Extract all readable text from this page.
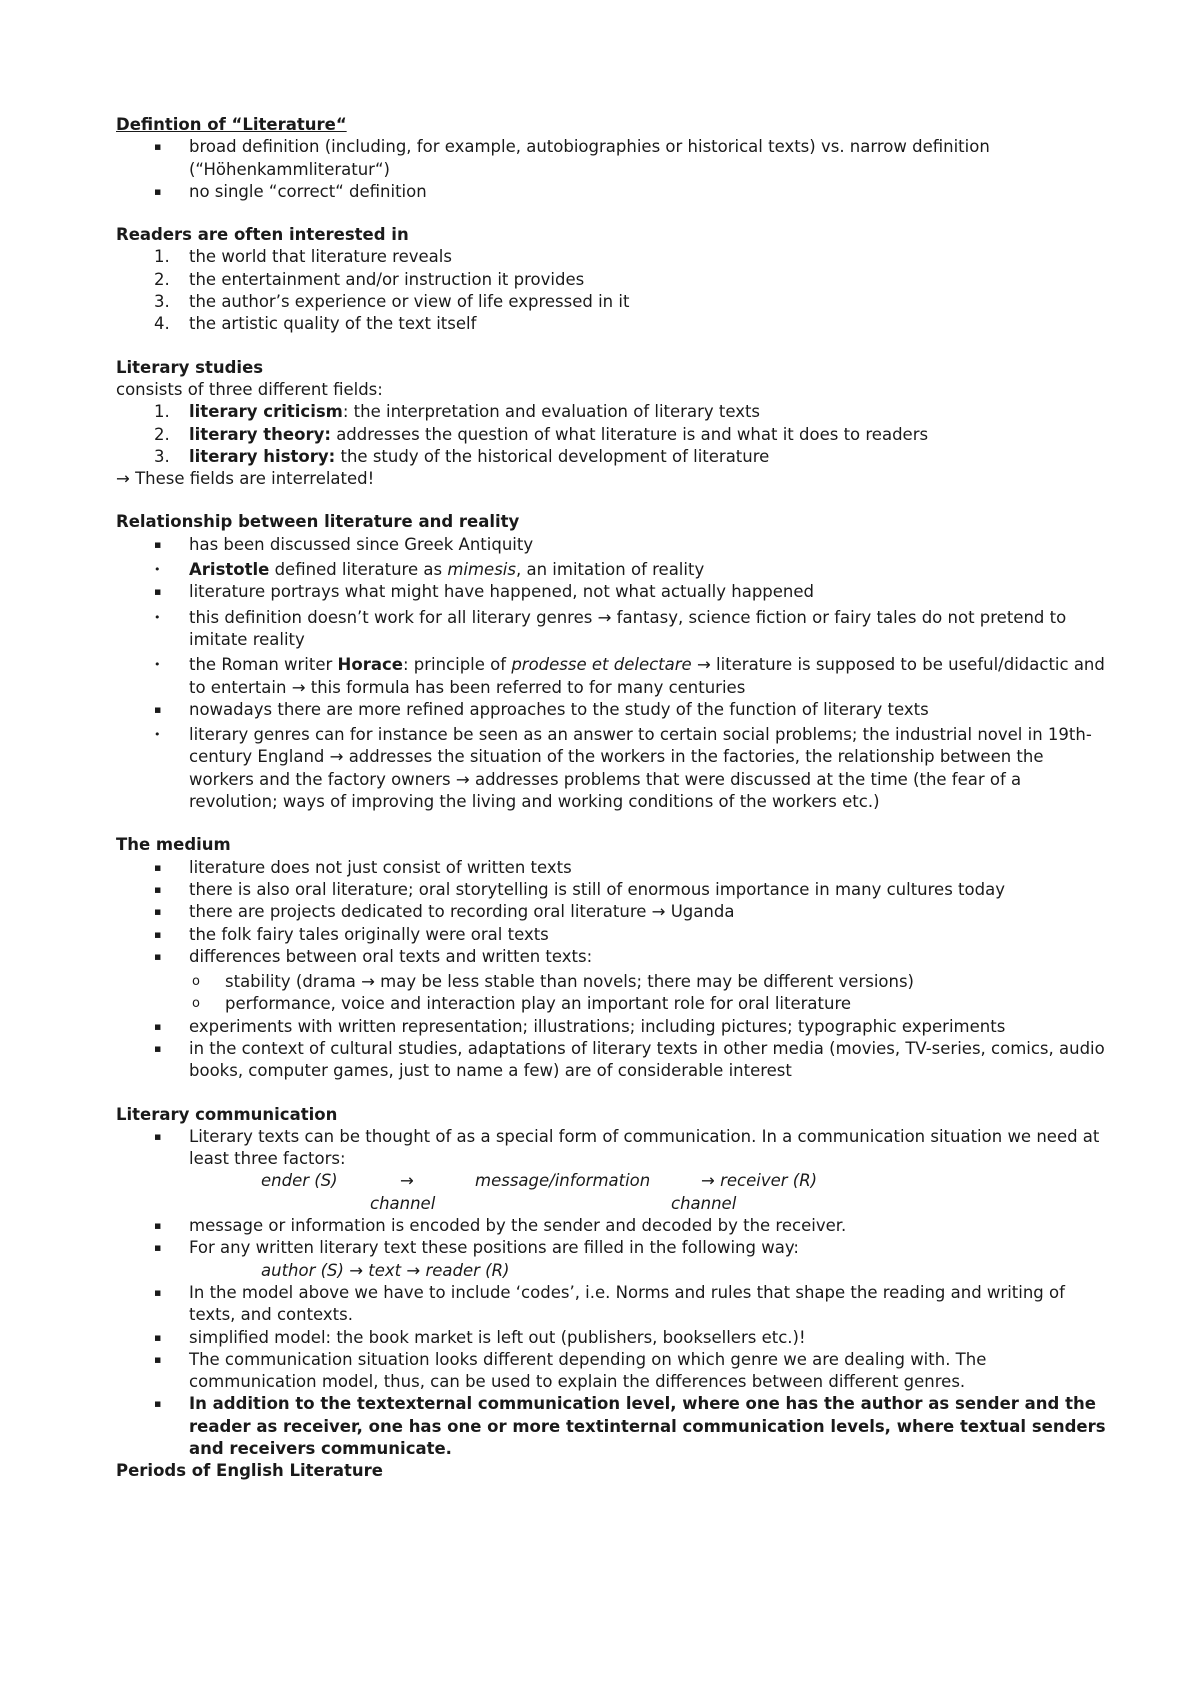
Defintion of “Literature“

▪	broad definition (including, for example, autobiographies or historical texts) vs. narrow definition (“Höhenkammliteratur“)
▪	no single “correct“ definition

Readers are often interested in

1.	the world that literature reveals
2.	the entertainment and/or instruction it provides
3.	the author’s experience or view of life expressed in it
4.	the artistic quality of the text itself

Literary studies

consists of three different fields:

1.	literary criticism: the interpretation and evaluation of literary texts
2.	literary theory: addresses the question of what literature is and what it does to readers
3.	literary history: the study of the historical development of literature

→ These fields are interrelated!

Relationship between literature and reality

▪	has been discussed since Greek Antiquity
•	Aristotle defined literature as mimesis, an imitation of reality
▪	literature portrays what might have happened, not what actually happened
•	this definition doesn’t work for all literary genres → fantasy, science fiction or fairy tales do not pretend to imitate reality
•	the Roman writer Horace: principle of prodesse et delectare → literature is supposed to be useful/didactic and to entertain → this formula has been referred to for many centuries
▪	nowadays there are more refined approaches to the study of the function of literary texts
•	literary genres can for instance be seen as an answer to certain social problems; the industrial novel in 19th-century England → addresses the situation of the workers in the factories, the relationship between the workers and the factory owners → addresses problems that were discussed at the time (the fear of a revolution; ways of improving the living and working conditions of the workers etc.)

The medium

▪	literature does not just consist of written texts
▪	there is also oral literature; oral storytelling is still of enormous importance in many cultures today
▪	there are projects dedicated to recording oral literature → Uganda
▪	the folk fairy tales originally were oral texts
▪	differences between oral texts and written texts:
o	stability (drama → may be less stable than novels; there may be different versions)
o	performance, voice and interaction play an important role for oral literature
▪	experiments with written representation; illustrations; including pictures; typographic experiments
▪	in the context of cultural studies, adaptations of literary texts in other media (movies, TV-series, comics, audio books, computer games, just to name a few) are of considerable interest

Literary communication

▪	Literary texts can be thought of as a special form of communication. In a communication situation we need at least three factors:
ender (S)	→	message/information	→ receiver (R)
channel	channel
▪	message or information is encoded by the sender and decoded by the receiver.
▪	For any written literary text these positions are filled in the following way:

author (S) → text → reader (R)

▪	In the model above we have to include ‘codes’, i.e. Norms and rules that shape the reading and writing of texts, and contexts.
▪	simplified model: the book market is left out (publishers, booksellers etc.)!
▪	The communication situation looks different depending on which genre we are dealing with. The communication model, thus, can be used to explain the differences between different genres.
▪	In addition to the textexternal communication level, where one has the author as sender and the reader as receiver, one has one or more textinternal communication levels, where textual senders and receivers communicate.

Periods of English Literature
